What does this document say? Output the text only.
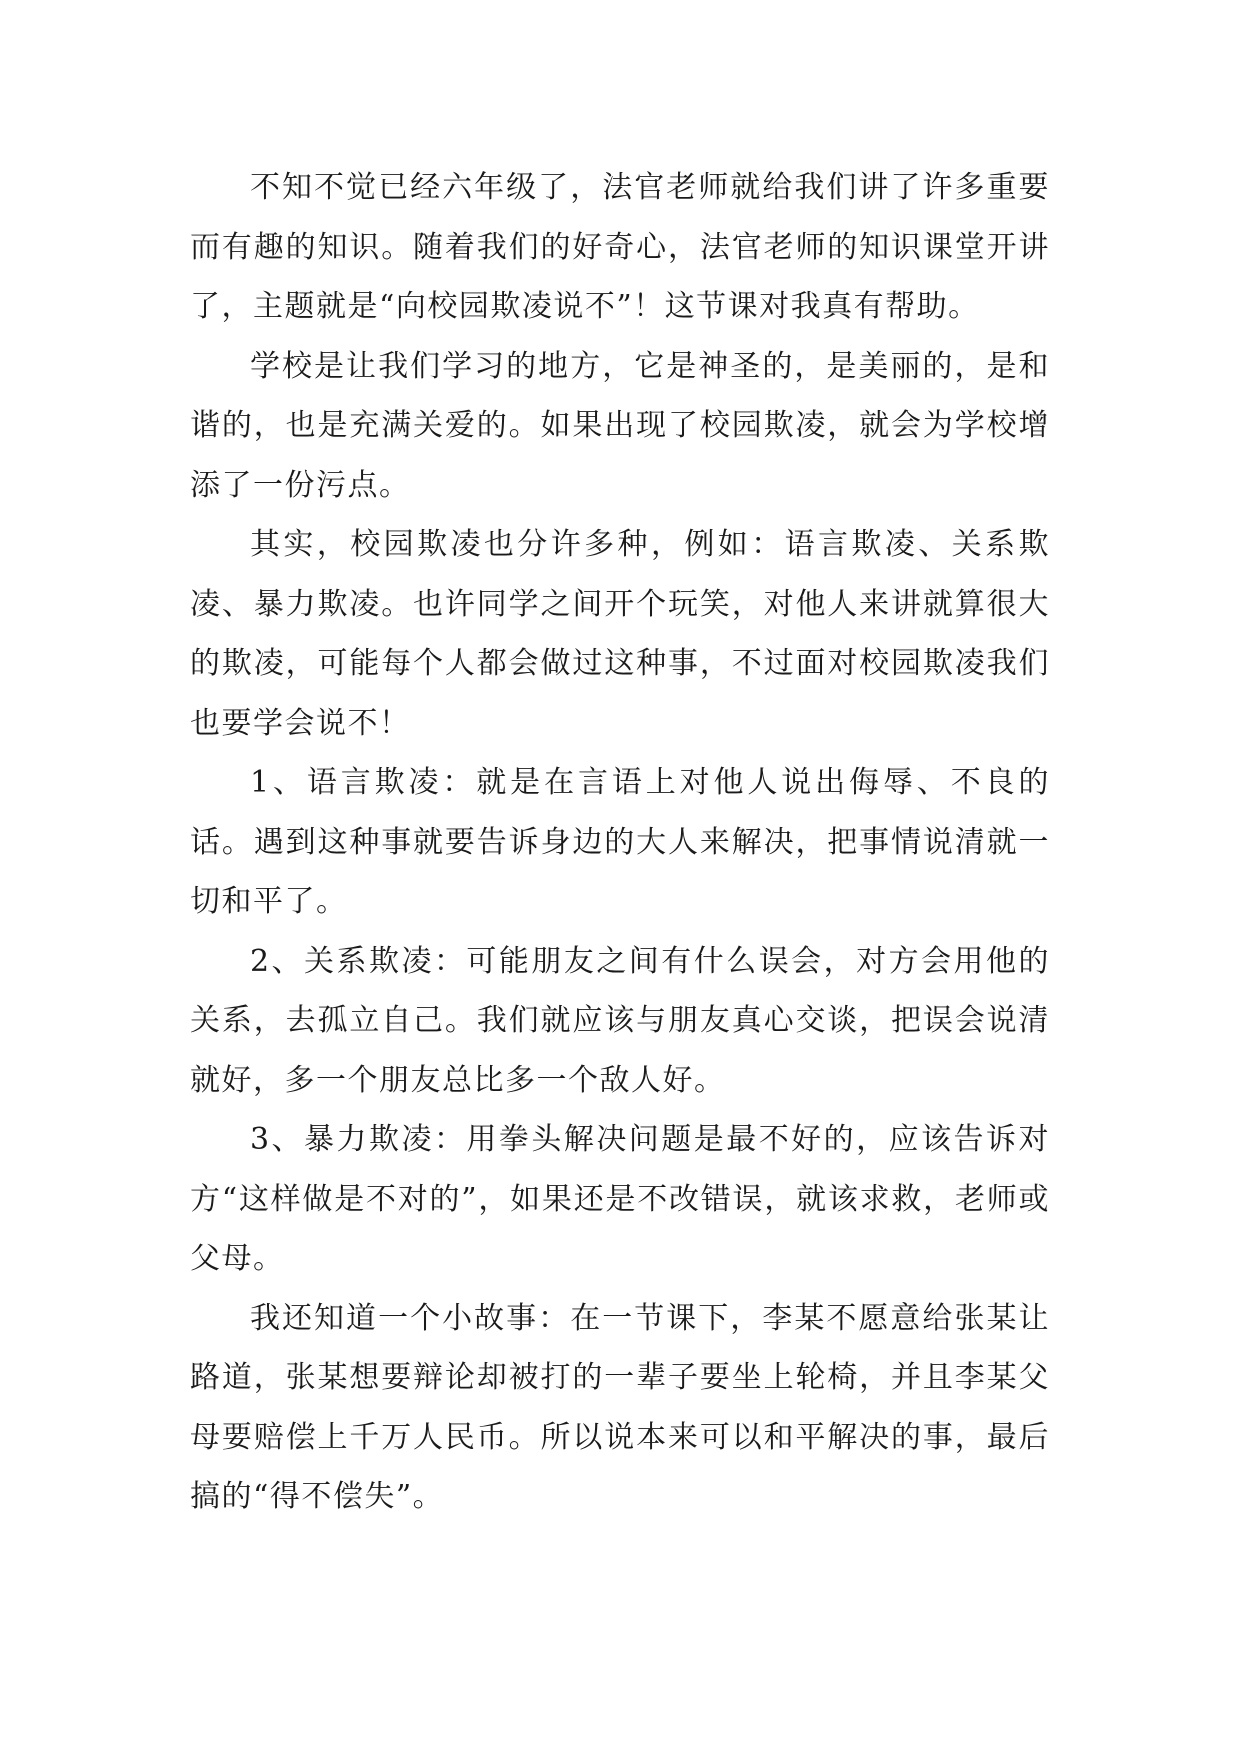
不知不觉已经六年级了，法官老师就给我们讲了许多重要而有趣的知识。随着我们的好奇心，法官老师的知识课堂开讲了，主题就是“向校园欺凌说不”！这节课对我真有帮助。

学校是让我们学习的地方，它是神圣的，是美丽的，是和谐的，也是充满关爱的。如果出现了校园欺凌，就会为学校增添了一份污点。

其实，校园欺凌也分许多种，例如：语言欺凌、关系欺凌、暴力欺凌。也许同学之间开个玩笑，对他人来讲就算很大的欺凌，可能每个人都会做过这种事，不过面对校园欺凌我们也要学会说不！

1、语言欺凌：就是在言语上对他人说出侮辱、不良的话。遇到这种事就要告诉身边的大人来解决，把事情说清就一切和平了。

2、关系欺凌：可能朋友之间有什么误会，对方会用他的关系，去孤立自己。我们就应该与朋友真心交谈，把误会说清就好，多一个朋友总比多一个敌人好。

3、暴力欺凌：用拳头解决问题是最不好的，应该告诉对方“这样做是不对的”，如果还是不改错误，就该求救，老师或父母。

我还知道一个小故事：在一节课下，李某不愿意给张某让路道，张某想要辩论却被打的一辈子要坐上轮椅，并且李某父母要赔偿上千万人民币。所以说本来可以和平解决的事，最后搞的“得不偿失”。
